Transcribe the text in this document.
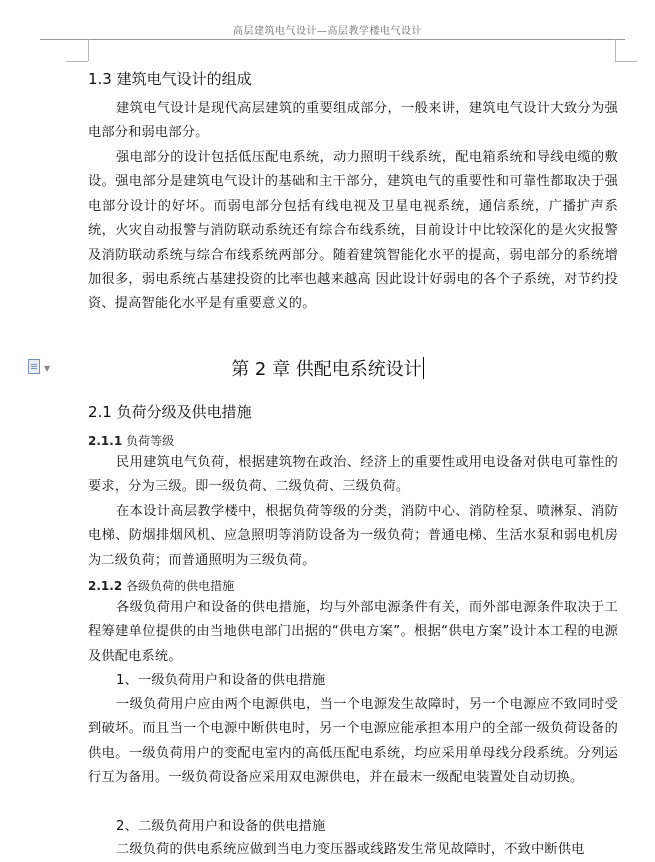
高层建筑电气设计—高层教学楼电气设计
1.3 建筑电气设计的组成

建筑电气设计是现代高层建筑的重要组成部分，一般来讲，建筑电气设计大致分为强电部分和弱电部分。

强电部分的设计包括低压配电系统，动力照明干线系统，配电箱系统和导线电缆的敷设。强电部分是建筑电气设计的基础和主干部分，建筑电气的重要性和可靠性都取决于强电部分设计的好坏。而弱电部分包括有线电视及卫星电视系统，通信系统，广播扩声系统，火灾自动报警与消防联动系统还有综合布线系统，目前设计中比较深化的是火灾报警及消防联动系统与综合布线系统两部分。随着建筑智能化水平的提高，弱电部分的系统增加很多，弱电系统占基建投资的比率也越来越高 因此设计好弱电的各个子系统，对节约投资、提高智能化水平是有重要意义的。

▼	第 2 章 供配电系统设计
2.1 负荷分级及供电措施
2.1.1 负荷等级

民用建筑电气负荷，根据建筑物在政治、经济上的重要性或用电设备对供电可靠性的要求，分为三级。即一级负荷、二级负荷、三级负荷。

在本设计高层教学楼中，根据负荷等级的分类，消防中心、消防栓泵、喷淋泵、消防电梯、防烟排烟风机、应急照明等消防设备为一级负荷；普通电梯、生活水泵和弱电机房为二级负荷；而普通照明为三级负荷。

2.1.2 各级负荷的供电措施

各级负荷用户和设备的供电措施，均与外部电源条件有关，而外部电源条件取决于工程筹建单位提供的由当地供电部门出据的“供电方案”。根据“供电方案”设计本工程的电源及供配电系统。

1、一级负荷用户和设备的供电措施

一级负荷用户应由两个电源供电，当一个电源发生故障时，另一个电源应不致同时受到破坏。而且当一个电源中断供电时，另一个电源应能承担本用户的全部一级负荷设备的供电。一级负荷用户的变配电室内的高低压配电系统，均应采用单母线分段系统。分列运行互为备用。一级负荷设备应采用双电源供电，并在最末一级配电装置处自动切换。

2、二级负荷用户和设备的供电措施

二级负荷的供电系统应做到当电力变压器或线路发生常见故障时，不致中断供电
